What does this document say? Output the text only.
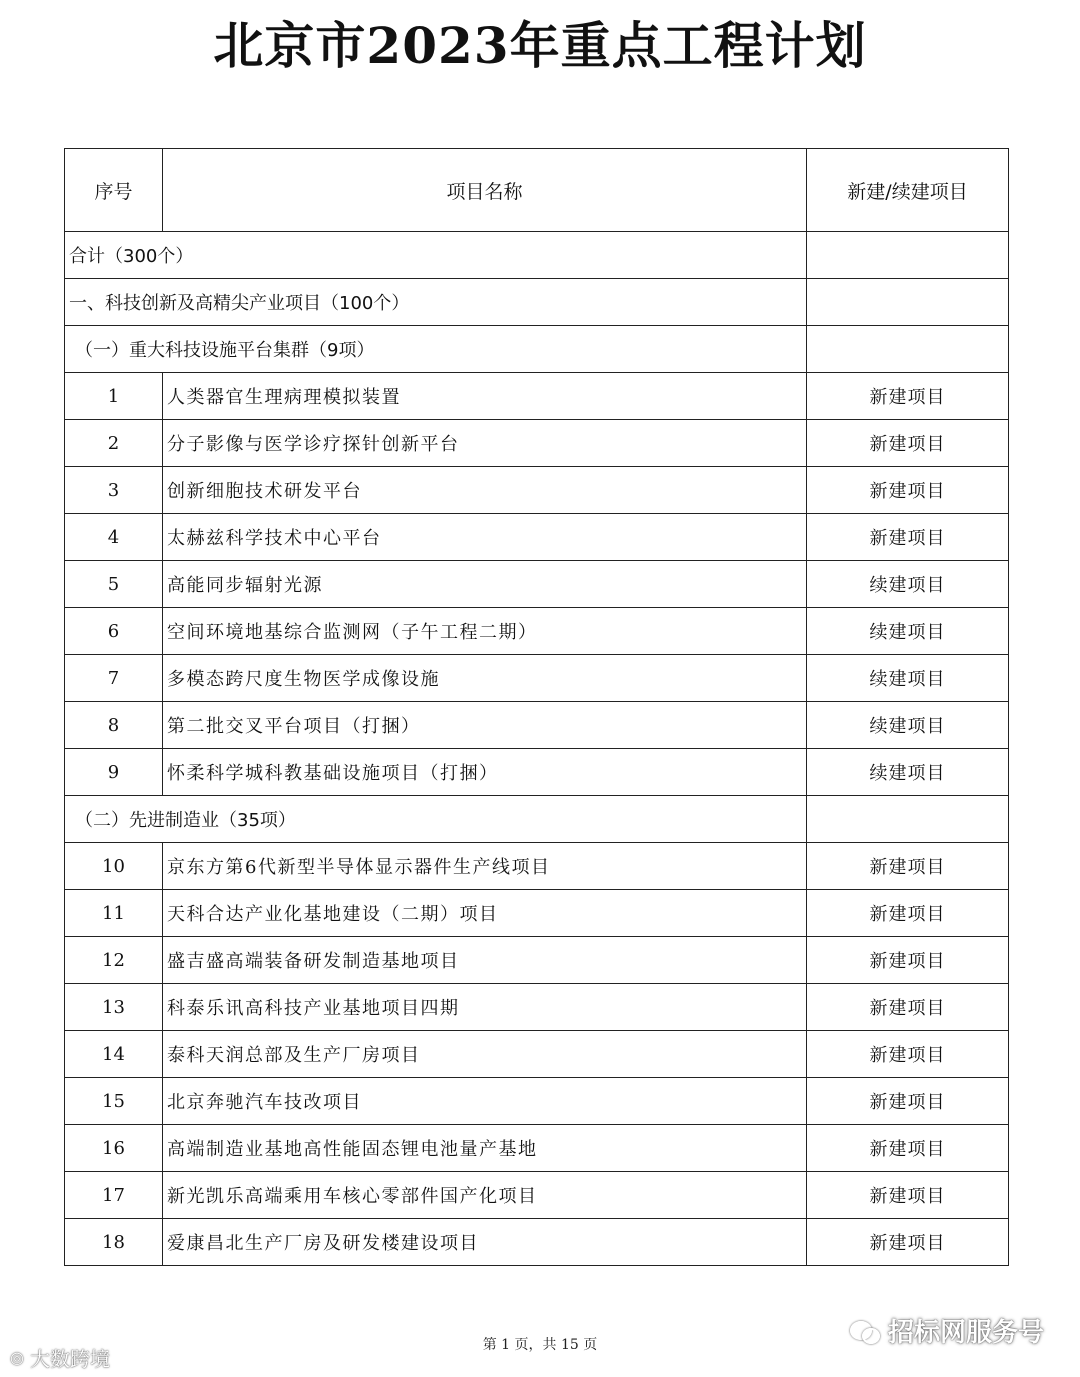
北京市2023年重点工程计划
序号	项目名称	新建/续建项目
合计（300个）		
一、科技创新及高精尖产业项目（100个）		
（一）重大科技设施平台集群（9项）		
1	人类器官生理病理模拟装置	新建项目
2	分子影像与医学诊疗探针创新平台	新建项目
3	创新细胞技术研发平台	新建项目
4	太赫兹科学技术中心平台	新建项目
5	高能同步辐射光源	续建项目
6	空间环境地基综合监测网（子午工程二期）	续建项目
7	多模态跨尺度生物医学成像设施	续建项目
8	第二批交叉平台项目（打捆）	续建项目
9	怀柔科学城科教基础设施项目（打捆）	续建项目
（二）先进制造业（35项）		
10	京东方第6代新型半导体显示器件生产线项目	新建项目
11	天科合达产业化基地建设（二期）项目	新建项目
12	盛吉盛高端装备研发制造基地项目	新建项目
13	科泰乐讯高科技产业基地项目四期	新建项目
14	泰科天润总部及生产厂房项目	新建项目
15	北京奔驰汽车技改项目	新建项目
16	高端制造业基地高性能固态锂电池量产基地	新建项目
17	新光凯乐高端乘用车核心零部件国产化项目	新建项目
18	爱康昌北生产厂房及研发楼建设项目	新建项目
第 1 页，共 15 页
◎ 大数跨境
招标网服务号
